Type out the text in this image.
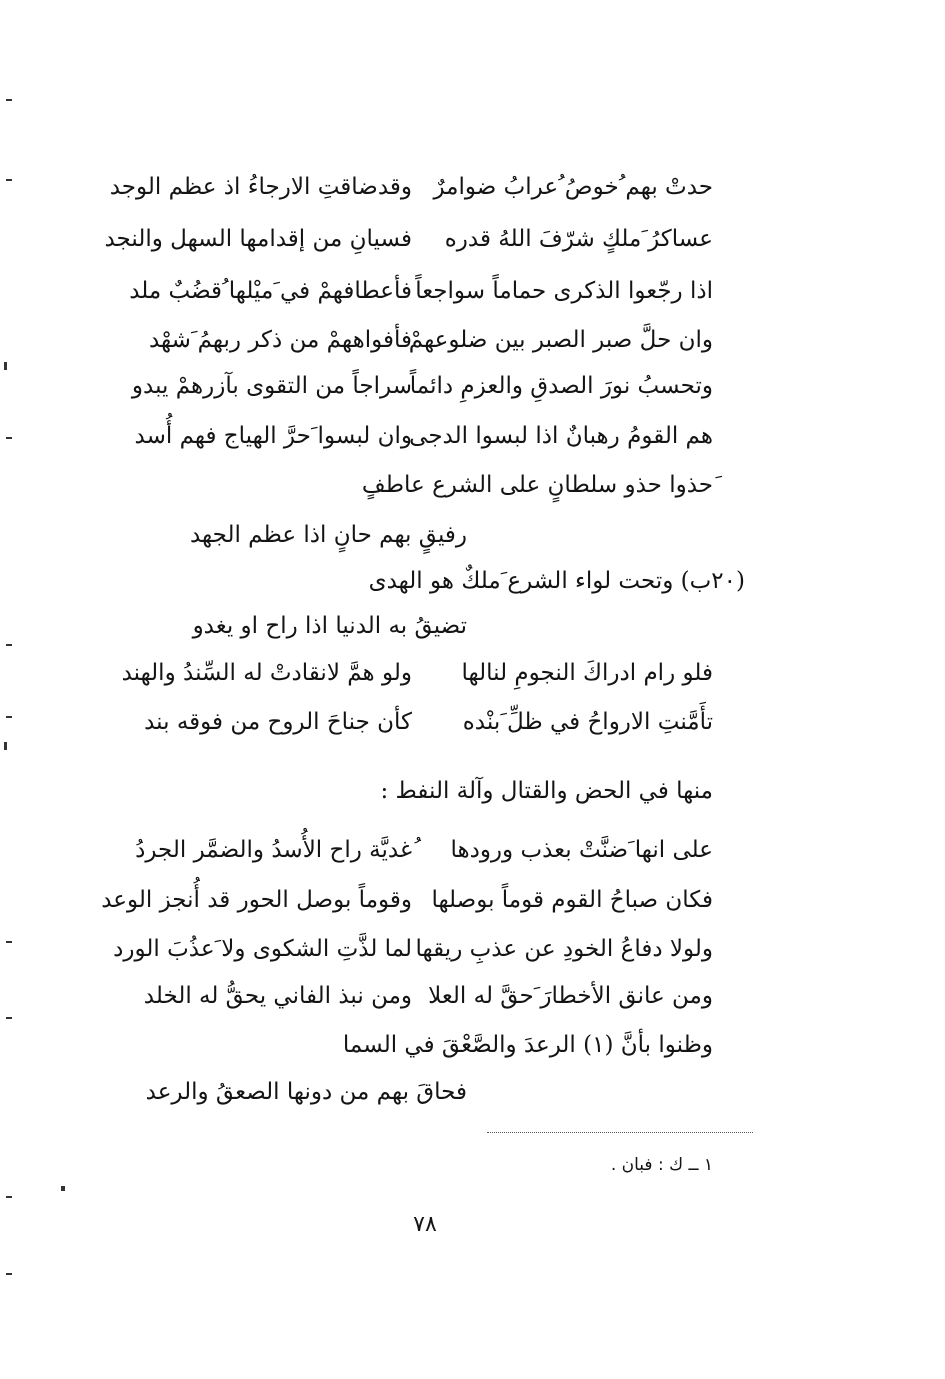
حدتْ بهم ُخوصُ ُعرابُ ضوامرٌ
وقدضاقتِ الارجاءُ اذ عظم الوجد
عساكرُ َملكٍ شرّفَ اللهُ قدره
فسيانِ من إقدامها السهل والنجد
اذا رجّعوا الذكرى حماماً سواجعاً
فأعطافهمْ في َميْلها ُقضُبٌ ملد
وان حلَّ صبر الصبر بين ضلوعهمْ
فأفواههمْ من ذكر ربهمُ َشهْد
وتحسبُ نورَ الصدقِ والعزمِ دائماً
سراجاً من التقوى بآزرهمْ يبدو
هم القومُ رهبانٌ اذا لبسوا الدجى
وان لبسوا َحرَّ الهياج فهم أُسد
َحذوا حذو سلطانٍ على الشرع عاطفٍ
رفيقٍ بهم حانٍ اذا عظم الجهد
(٢٠ب) وتحت لواء الشرع َملكٌ هو الهدى
تضيقُ به الدنيا اذا راح او يغدو
فلو رام ادراكَ النجومِ لنالها
ولو همَّ لانقادتْ له السِّندُ والهند
تأَمَّنتِ الارواحُ في ظلِّ َبنْده
كأن جناحَ الروح من فوقه بند
منها في الحض والقتال وآلة النفط :
على انها َضنَّتْ بعذب ورودها
ُغديَّة راح الأُسدُ والضمَّر الجردُ
فكان صباحُ القوم قوماً بوصلها
وقوماً بوصل الحور قد أُنجز الوعد
ولولا دفاعُ الخودِ عن عذبِ ريقها
لما لذَّتِ الشكوى ولا َعذُبَ الورد
ومن عانق الأخطارَ َحقَّ له العلا
ومن نبذ الفاني يحقُّ له الخلد
وظنوا بأنَّ (١) الرعدَ والصَّعْقَ في السما
فحاقَ بهم من دونها الصعقُ والرعد
١ ــ ك : فبان .
٧٨
